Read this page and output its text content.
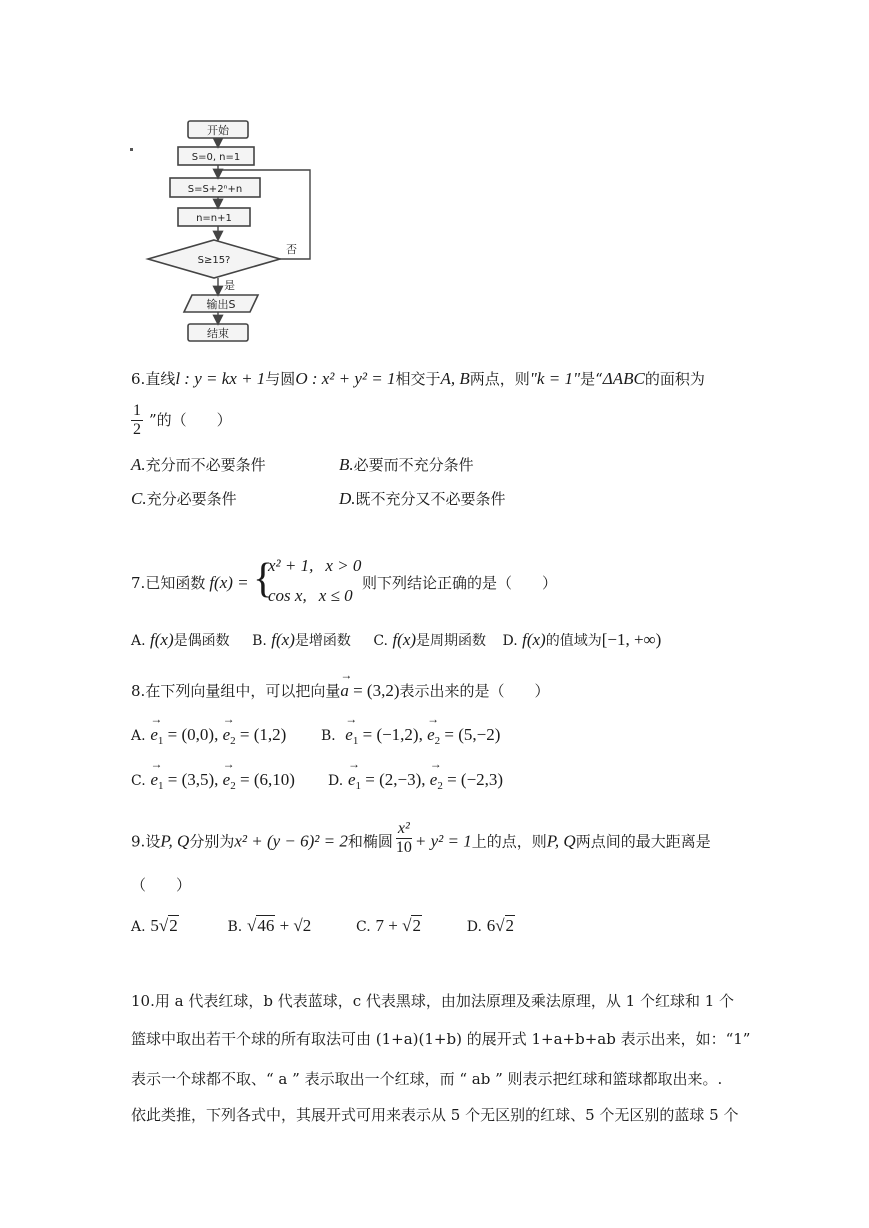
开始
S=0, n=1
S=S+2ⁿ+n
n=n+1
S≥15?
是
否
输出S
结束
6.直线l : y = kx + 1与圆O : x² + y² = 1相交于A, B两点，则"k = 1"是“ΔABC的面积为
$\frac{1}{2}$ ”的（　　）
A.充分而不必要条件	B.必要而不充分条件
C.充分必要条件	D.既不充分又不必要条件
7.已知函数 f(x) = {
x² + 1, x > 0
cos x, x ≤ 0
则下列结论正确的是（　　）
A. f(x)是偶函数 B. f(x)是增函数 C. f(x)是周期函数 D. f(x)的值域为[−1, +∞)
8.在下列向量组中，可以把向量→ a = (3,2)表示出来的是（　　）
A. → $e_1 = (0,0)$, → $e_2 = (1,2)$ B．→ $e_1 = (-1,2)$, → $e_2 = (5,-2)$
C. → $e_1 = (3,5)$, → $e_2 = (6,10) D$. → $e_1 = (2,-3)$, → $e_2 = (-2,3)$
9.设P, Q分别为x² + (y − 6)² = 2和椭圆 $\frac{\text{x²}}{10} + y^2 = 1$上的点，则P, Q两点间的最大距离是
（　　）
A. 5√2	B. √46 + √2	C. 7 + √2	D. 6√2
10.用 a 代表红球，b 代表蓝球，c 代表黑球，由加法原理及乘法原理，从 1 个红球和 1 个
篮球中取出若干个球的所有取法可由 (1+a)(1+b) 的展开式 1+a+b+ab 表示出来，如：“1”
表示一个球都不取、“ a ” 表示取出一个红球，而 “ ab ” 则表示把红球和篮球都取出来。.
依此类推，下列各式中，其展开式可用来表示从 5 个无区别的红球、5 个无区别的蓝球 5 个
